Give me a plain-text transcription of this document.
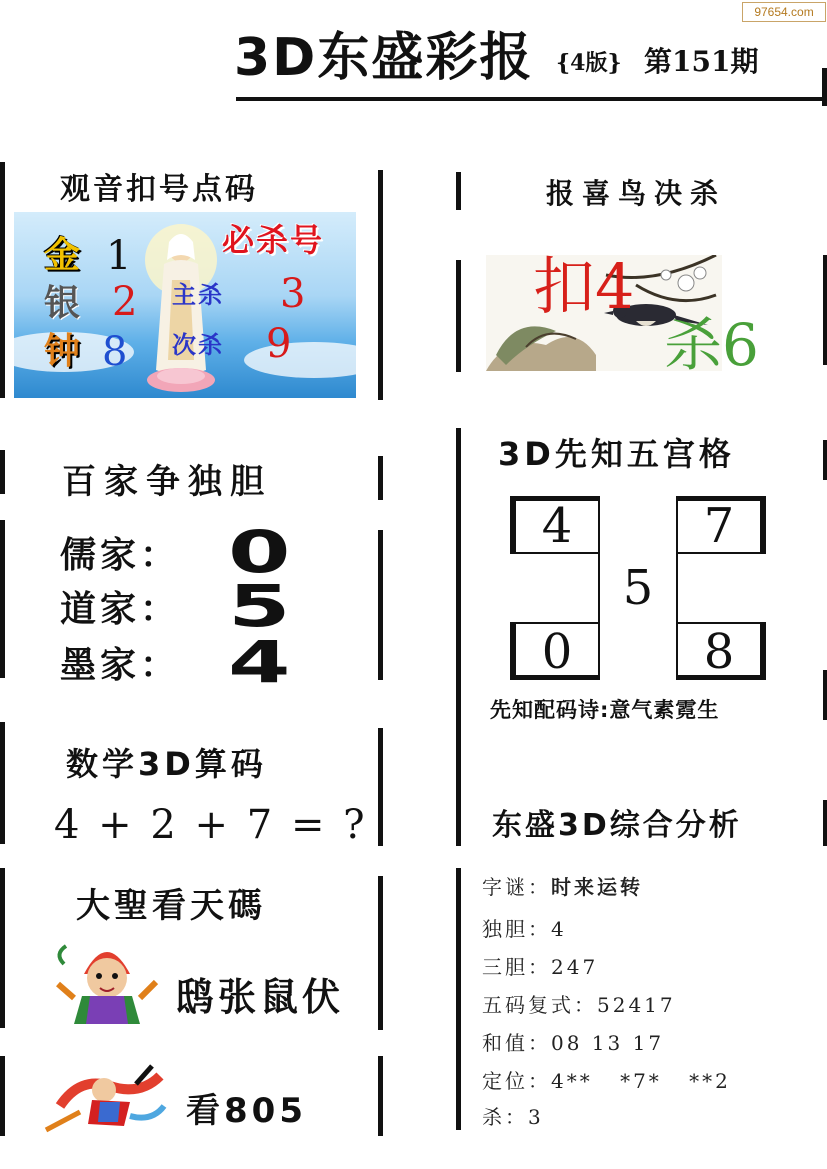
97654.com
3D东盛彩报 {4版} 第151期
观音扣号点码
金 1
银 2
钟 8
必杀号
主杀 3
次杀 9
报喜鸟决杀
扣4
杀6
百家争独胆
儒家： 0
道家： 5
墨家： 4
3D先知五宫格
4	7
5
0	8
先知配码诗:意气素霓生
数学3D算码
4 + 2 + 7 = ?	东盛3D综合分析
字谜：时来运转
独胆：4
三胆：247
五码复式：52417
和值：08 13 17
定位：4** *7* **2
杀：3
大聖看天碼
鸱张鼠伏
看805
